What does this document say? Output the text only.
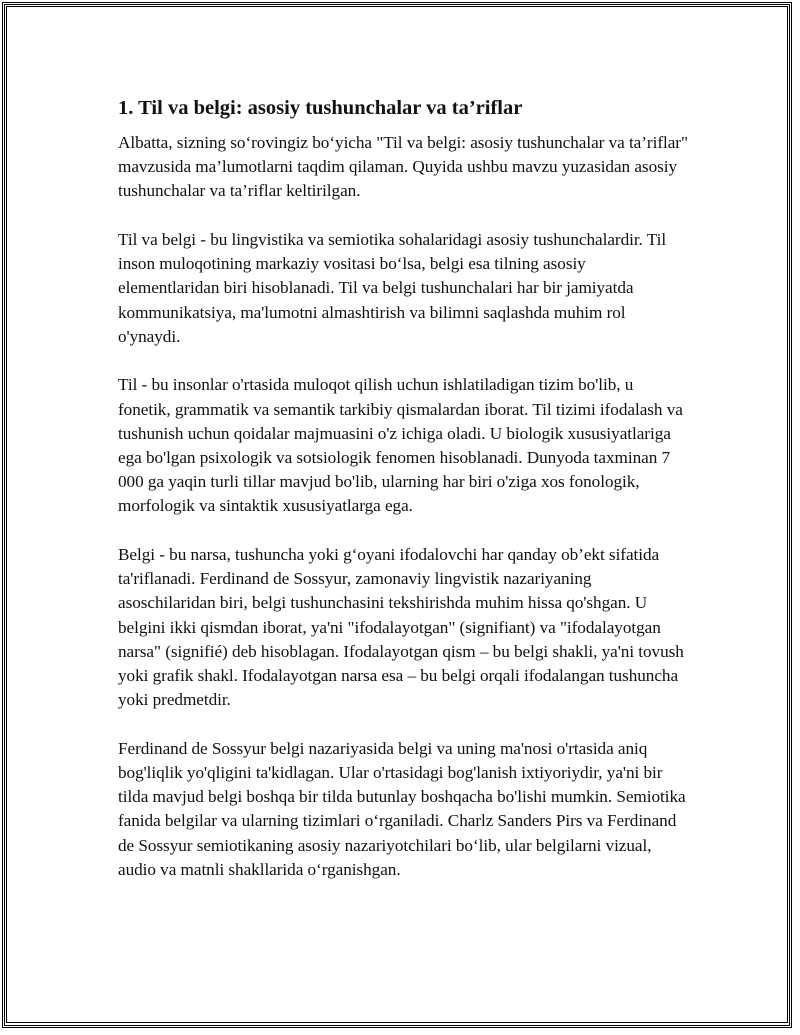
1. Til va belgi: asosiy tushunchalar va ta’riflar

Albatta, sizning so‘rovingiz bo‘yicha "Til va belgi: asosiy tushunchalar va ta’riflar" mavzusida ma’lumotlarni taqdim qilaman. Quyida ushbu mavzu yuzasidan asosiy tushunchalar va ta’riflar keltirilgan.

Til va belgi - bu lingvistika va semiotika sohalaridagi asosiy tushunchalardir. Til inson muloqotining markaziy vositasi bo‘lsa, belgi esa tilning asosiy elementlaridan biri hisoblanadi. Til va belgi tushunchalari har bir jamiyatda kommunikatsiya, ma'lumotni almashtirish va bilimni saqlashda muhim rol o'ynaydi.

Til - bu insonlar o'rtasida muloqot qilish uchun ishlatiladigan tizim bo'lib, u fonetik, grammatik va semantik tarkibiy qismalardan iborat. Til tizimi ifodalash va tushunish uchun qoidalar majmuasini o'z ichiga oladi. U biologik xususiyatlariga ega bo'lgan psixologik va sotsiologik fenomen hisoblanadi. Dunyoda taxminan 7 000 ga yaqin turli tillar mavjud bo'lib, ularning har biri o'ziga xos fonologik, morfologik va sintaktik xususiyatlarga ega.

Belgi - bu narsa, tushuncha yoki g‘oyani ifodalovchi har qanday ob’ekt sifatida ta'riflanadi. Ferdinand de Sossyur, zamonaviy lingvistik nazariyaning asoschilaridan biri, belgi tushunchasini tekshirishda muhim hissa qo'shgan. U belgini ikki qismdan iborat, ya'ni "ifodalayotgan" (signifiant) va "ifodalayotgan narsa" (signifié) deb hisoblagan. Ifodalayotgan qism – bu belgi shakli, ya'ni tovush yoki grafik shakl. Ifodalayotgan narsa esa – bu belgi orqali ifodalangan tushuncha yoki predmetdir.

Ferdinand de Sossyur belgi nazariyasida belgi va uning ma'nosi o'rtasida aniq bog'liqlik yo'qligini ta'kidlagan. Ular o'rtasidagi bog'lanish ixtiyoriydir, ya'ni bir tilda mavjud belgi boshqa bir tilda butunlay boshqacha bo'lishi mumkin. Semiotika fanida belgilar va ularning tizimlari o‘rganiladi. Charlz Sanders Pirs va Ferdinand de Sossyur semiotikaning asosiy nazariyotchilari bo‘lib, ular belgilarni vizual, audio va matnli shakllarida o‘rganishgan.
